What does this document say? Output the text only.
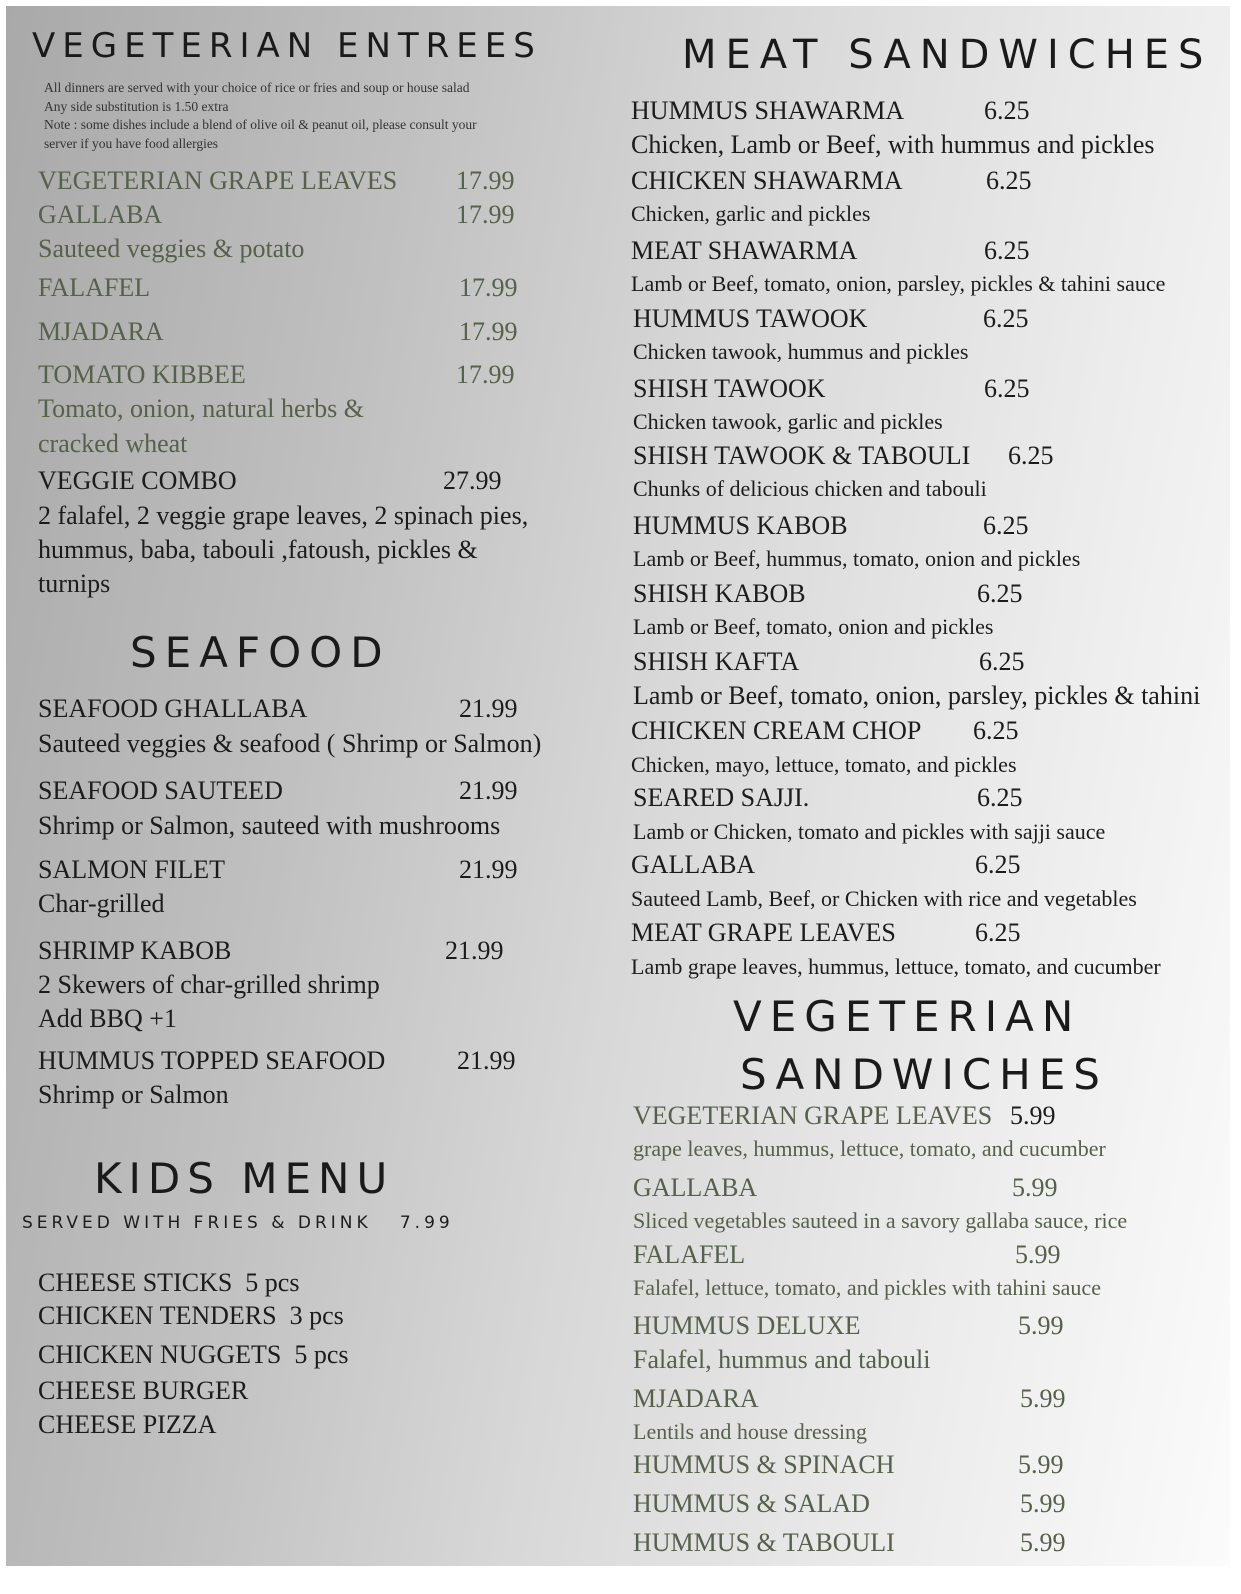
VEGETERIAN ENTREES
All dinners are served with your choice of rice or fries and soup or house salad
Any side substitution is 1.50 extra
Note : some dishes include a blend of olive oil & peanut oil, please consult your
server if you have food allergies
VEGETERIAN GRAPE LEAVES 17.99
GALLABA	17.99
Sauteed veggies & potato
FALAFEL	17.99
MJADARA	17.99
TOMATO KIBBEE	17.99
Tomato, onion, natural herbs &
cracked wheat
VEGGIE COMBO	27.99
2 falafel, 2 veggie grape leaves, 2 spinach pies,
hummus, baba, tabouli ,fatoush, pickles &
turnips
SEAFOOD
SEAFOOD GHALLABA	21.99
Sauteed veggies & seafood ( Shrimp or Salmon)
SEAFOOD SAUTEED	21.99
Shrimp or Salmon, sauteed with mushrooms
SALMON FILET	21.99
Char-grilled
SHRIMP KABOB	21.99
2 Skewers of char-grilled shrimp
Add BBQ +1
HUMMUS TOPPED SEAFOOD	21.99
Shrimp or Salmon
KIDS MENU
SERVED WITH FRIES & DRINK   7.99
CHEESE STICKS  5 pcs
CHICKEN TENDERS  3 pcs
CHICKEN NUGGETS  5 pcs
CHEESE BURGER
CHEESE PIZZA
MEAT SANDWICHES
HUMMUS SHAWARMA	6.25
Chicken, Lamb or Beef, with hummus and pickles
CHICKEN SHAWARMA	6.25
Chicken, garlic and pickles
MEAT SHAWARMA	6.25
Lamb or Beef, tomato, onion, parsley, pickles & tahini sauce
HUMMUS TAWOOK	6.25
Chicken tawook, hummus and pickles
SHISH TAWOOK	6.25
Chicken tawook, garlic and pickles
SHISH TAWOOK & TABOULI 6.25
Chunks of delicious chicken and tabouli
HUMMUS KABOB	6.25
Lamb or Beef, hummus, tomato, onion and pickles
SHISH KABOB	6.25
Lamb or Beef, tomato, onion and pickles
SHISH KAFTA	6.25
Lamb or Beef, tomato, onion, parsley, pickles & tahini
CHICKEN CREAM CHOP 6.25
Chicken, mayo, lettuce, tomato, and pickles
SEARED SAJJI.	6.25
Lamb or Chicken, tomato and pickles with sajji sauce
GALLABA	6.25
Sauteed Lamb, Beef, or Chicken with rice and vegetables
MEAT GRAPE LEAVES	6.25
Lamb grape leaves, hummus, lettuce, tomato, and cucumber
VEGETERIAN
SANDWICHES
VEGETERIAN GRAPE LEAVES 5.99
grape leaves, hummus, lettuce, tomato, and cucumber
GALLABA	5.99
Sliced vegetables sauteed in a savory gallaba sauce, rice
FALAFEL	5.99
Falafel, lettuce, tomato, and pickles with tahini sauce
HUMMUS DELUXE	5.99
Falafel, hummus and tabouli
MJADARA	5.99
Lentils and house dressing
HUMMUS & SPINACH	5.99
HUMMUS & SALAD	5.99
HUMMUS & TABOULI	5.99
